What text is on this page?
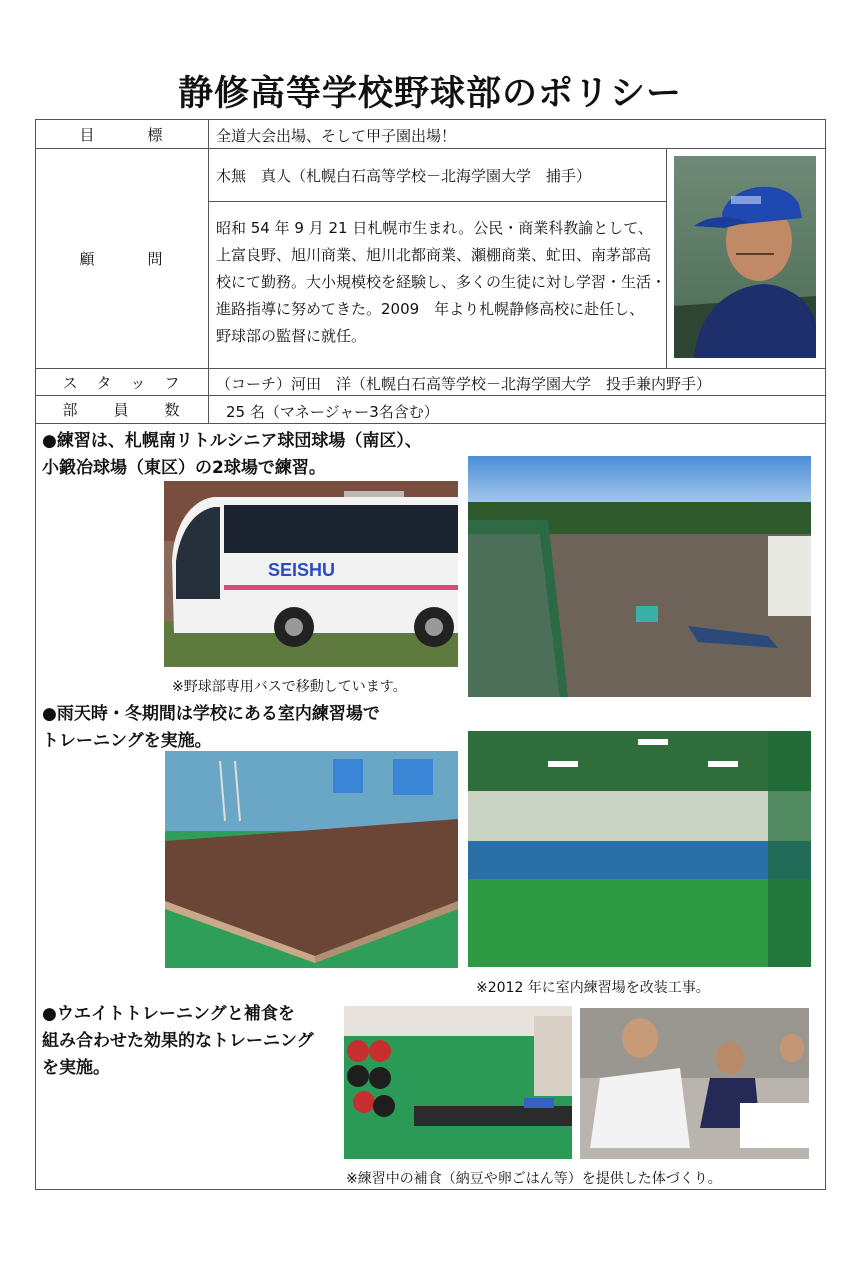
静修高等学校野球部のポリシー
目　　　標	全道大会出場、そして甲子園出場！
顧　　　問
木無　真人（札幌白石高等学校－北海学園大学　捕手）
昭和 54 年 9 月 21 日札幌市生まれ。公民・商業科教諭として、
上富良野、旭川商業、旭川北都商業、瀬棚商業、虻田、南茅部高
校にて勤務。大小規模校を経験し、多くの生徒に対し学習・生活・
進路指導に努めてきた。2009　年より札幌静修高校に赴任し、
野球部の監督に就任。
ス　タ　ッ　フ	（コーチ）河田　洋（札幌白石高等学校－北海学園大学　投手兼内野手）
部　　員　　数	25 名（マネージャー3名含む）
●練習は、札幌南リトルシニア球団球場（南区）、
小鍛冶球場（東区）の2球場で練習。
SEISHU
※野球部専用バスで移動しています。
●雨天時・冬期間は学校にある室内練習場で
トレーニングを実施。
※2012 年に室内練習場を改装工事。
●ウエイトトレーニングと補食を
組み合わせた効果的なトレーニング
を実施。
※練習中の補食（納豆や卵ごはん等）を提供した体づくり。
